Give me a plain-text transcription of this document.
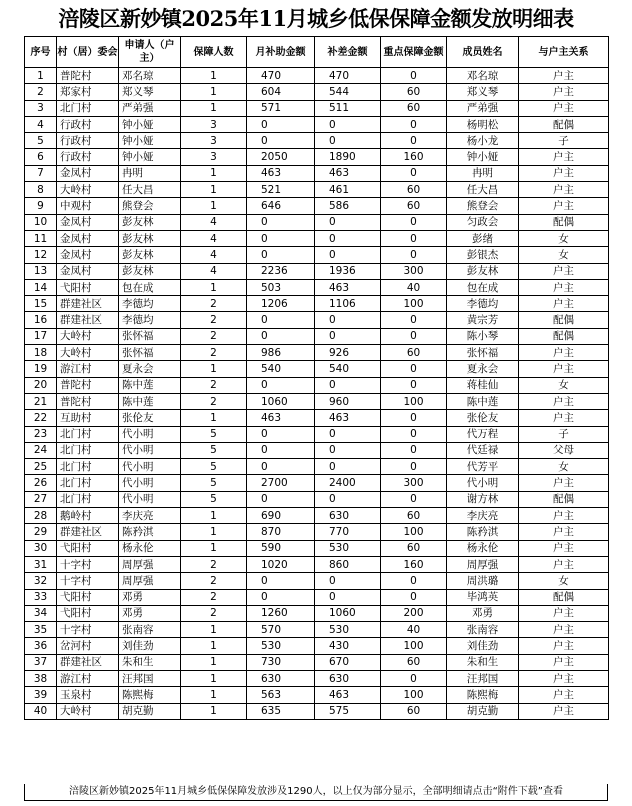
涪陵区新妙镇2025年11月城乡低保保障金额发放明细表
序号	村（居）委会	申请人（户主）	保障人数	月补助金额	补差金额	重点保障金额	成员姓名	与户主关系
1	普陀村	邓名琼	1	470	470	0	邓名琼	户主
2	郑家村	郑义琴	1	604	544	60	郑义琴	户主
3	北门村	严弟强	1	571	511	60	严弟强	户主
4	行政村	钟小娅	3	0	0	0	杨明松	配偶
5	行政村	钟小娅	3	0	0	0	杨小龙	子
6	行政村	钟小娅	3	2050	1890	160	钟小娅	户主
7	金凤村	冉明	1	463	463	0	冉明	户主
8	大岭村	任大昌	1	521	461	60	任大昌	户主
9	中观村	熊登会	1	646	586	60	熊登会	户主
10	金凤村	彭友林	4	0	0	0	匀政会	配偶
11	金凤村	彭友林	4	0	0	0	彭绪	女
12	金凤村	彭友林	4	0	0	0	彭银杰	女
13	金凤村	彭友林	4	2236	1936	300	彭友林	户主
14	弋阳村	包在成	1	503	463	40	包在成	户主
15	群建社区	李德均	2	1206	1106	100	李德均	户主
16	群建社区	李德均	2	0	0	0	黄宗芳	配偶
17	大岭村	张怀福	2	0	0	0	陈小琴	配偶
18	大岭村	张怀福	2	986	926	60	张怀福	户主
19	游江村	夏永会	1	540	540	0	夏永会	户主
20	普陀村	陈中莲	2	0	0	0	蒋桂仙	女
21	普陀村	陈中莲	2	1060	960	100	陈中莲	户主
22	互助村	张伦友	1	463	463	0	张伦友	户主
23	北门村	代小明	5	0	0	0	代万程	子
24	北门村	代小明	5	0	0	0	代廷禄	父母
25	北门村	代小明	5	0	0	0	代芳平	女
26	北门村	代小明	5	2700	2400	300	代小明	户主
27	北门村	代小明	5	0	0	0	谢方林	配偶
28	鹅岭村	李庆亮	1	690	630	60	李庆亮	户主
29	群建社区	陈矜淇	1	870	770	100	陈矜淇	户主
30	弋阳村	杨永伦	1	590	530	60	杨永伦	户主
31	十字村	周厚强	2	1020	860	160	周厚强	户主
32	十字村	周厚强	2	0	0	0	周洪璐	女
33	弋阳村	邓勇	2	0	0	0	毕鸿英	配偶
34	弋阳村	邓勇	2	1260	1060	200	邓勇	户主
35	十字村	张南容	1	570	530	40	张南容	户主
36	岔河村	刘佳劲	1	530	430	100	刘佳劲	户主
37	群建社区	朱和生	1	730	670	60	朱和生	户主
38	游江村	汪邦国	1	630	630	0	汪邦国	户主
39	玉泉村	陈熙梅	1	563	463	100	陈熙梅	户主
40	大岭村	胡克勤	1	635	575	60	胡克勤	户主
涪陵区新妙镇2025年11月城乡低保保障发放涉及1290人，以上仅为部分显示，全部明细请点击“附件下载”查看
